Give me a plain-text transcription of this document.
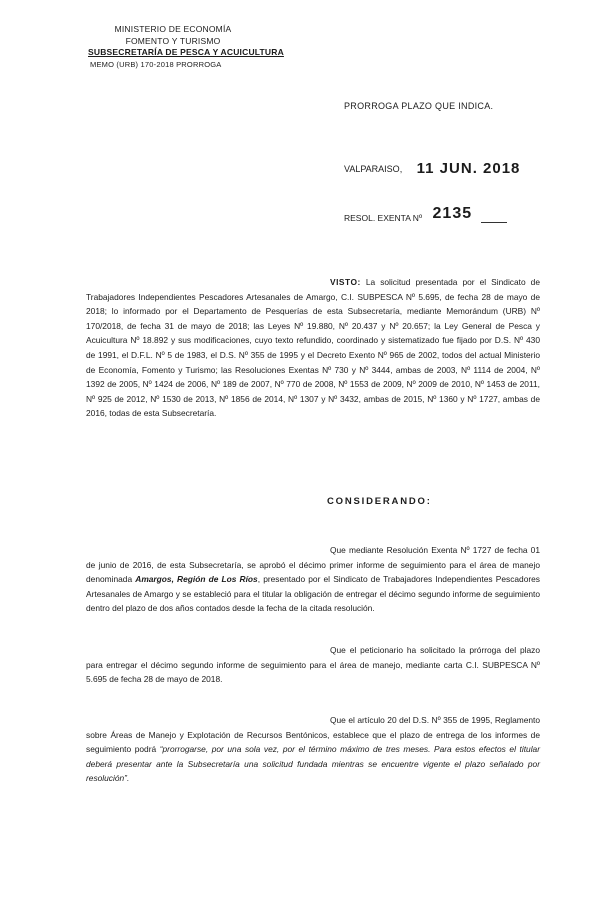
MINISTERIO DE ECONOMÍA
FOMENTO Y TURISMO
SUBSECRETARÍA DE PESCA Y ACUICULTURA
MEMO (URB) 170-2018 PRORROGA
PRORROGA PLAZO QUE INDICA.
VALPARAISO, 11 JUN. 2018
RESOL. EXENTA Nº 2135
VISTO: La solicitud presentada por el Sindicato de Trabajadores Independientes Pescadores Artesanales de Amargo, C.I. SUBPESCA Nº 5.695, de fecha 28 de mayo de 2018; lo informado por el Departamento de Pesquerías de esta Subsecretaría, mediante Memorándum (URB) Nº 170/2018, de fecha 31 de mayo de 2018; las Leyes Nº 19.880, Nº 20.437 y Nº 20.657; la Ley General de Pesca y Acuicultura Nº 18.892 y sus modificaciones, cuyo texto refundido, coordinado y sistematizado fue fijado por D.S. Nº 430 de 1991, el D.F.L. Nº 5 de 1983, el D.S. Nº 355 de 1995 y el Decreto Exento Nº 965 de 2002, todos del actual Ministerio de Economía, Fomento y Turismo; las Resoluciones Exentas Nº 730 y Nº 3444, ambas de 2003, Nº 1114 de 2004, Nº 1392 de 2005, Nº 1424 de 2006, Nº 189 de 2007, Nº 770 de 2008, Nº 1553 de 2009, Nº 2009 de 2010, Nº 1453 de 2011, Nº 925 de 2012, Nº 1530 de 2013, Nº 1856 de 2014, Nº 1307 y Nº 3432, ambas de 2015, Nº 1360 y Nº 1727, ambas de 2016, todas de esta Subsecretaría.
CONSIDERANDO:
Que mediante Resolución Exenta Nº 1727 de fecha 01 de junio de 2016, de esta Subsecretaría, se aprobó el décimo primer informe de seguimiento para el área de manejo denominada Amargos, Región de Los Ríos, presentado por el Sindicato de Trabajadores Independientes Pescadores Artesanales de Amargo y se estableció para el titular la obligación de entregar el décimo segundo informe de seguimiento dentro del plazo de dos años contados desde la fecha de la citada resolución.
Que el peticionario ha solicitado la prórroga del plazo para entregar el décimo segundo informe de seguimiento para el área de manejo, mediante carta C.I. SUBPESCA Nº 5.695 de fecha 28 de mayo de 2018.
Que el artículo 20 del D.S. Nº 355 de 1995, Reglamento sobre Áreas de Manejo y Explotación de Recursos Bentónicos, establece que el plazo de entrega de los informes de seguimiento podrá “prorrogarse, por una sola vez, por el término máximo de tres meses. Para estos efectos el titular deberá presentar ante la Subsecretaría una solicitud fundada mientras se encuentre vigente el plazo señalado por resolución”.
